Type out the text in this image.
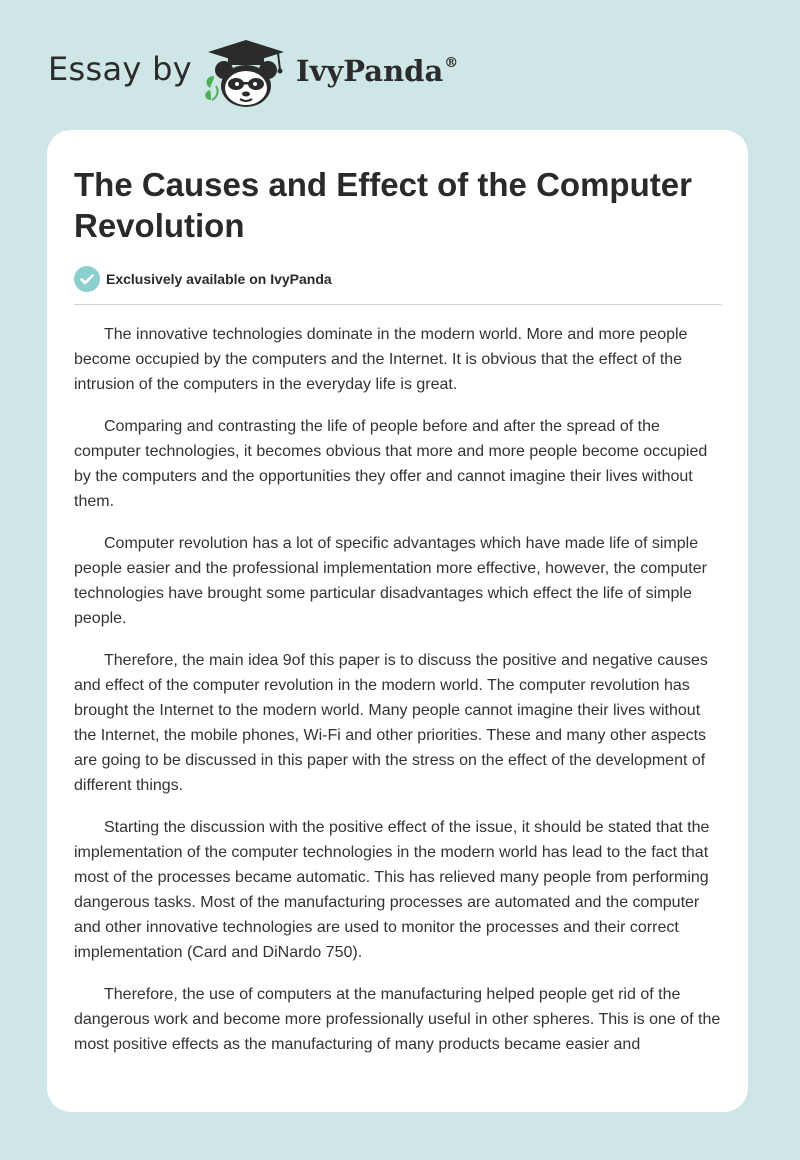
Essay by	IvyPanda®
The Causes and Effect of the Computer Revolution
Exclusively available on IvyPanda

The innovative technologies dominate in the modern world. More and more people become occupied by the computers and the Internet. It is obvious that the effect of the intrusion of the computers in the everyday life is great.

Comparing and contrasting the life of people before and after the spread of the computer technologies, it becomes obvious that more and more people become occupied by the computers and the opportunities they offer and cannot imagine their lives without them.

Computer revolution has a lot of specific advantages which have made life of simple people easier and the professional implementation more effective, however, the computer technologies have brought some particular disadvantages which effect the life of simple people.

Therefore, the main idea 9of this paper is to discuss the positive and negative causes and effect of the computer revolution in the modern world. The computer revolution has brought the Internet to the modern world. Many people cannot imagine their lives without the Internet, the mobile phones, Wi-Fi and other priorities. These and many other aspects are going to be discussed in this paper with the stress on the effect of the development of different things.

Starting the discussion with the positive effect of the issue, it should be stated that the implementation of the computer technologies in the modern world has lead to the fact that most of the processes became automatic. This has relieved many people from performing dangerous tasks. Most of the manufacturing processes are automated and the computer and other innovative technologies are used to monitor the processes and their correct implementation (Card and DiNardo 750).

Therefore, the use of computers at the manufacturing helped people get rid of the dangerous work and become more professionally useful in other spheres. This is one of the most positive effects as the manufacturing of many products became easier and
